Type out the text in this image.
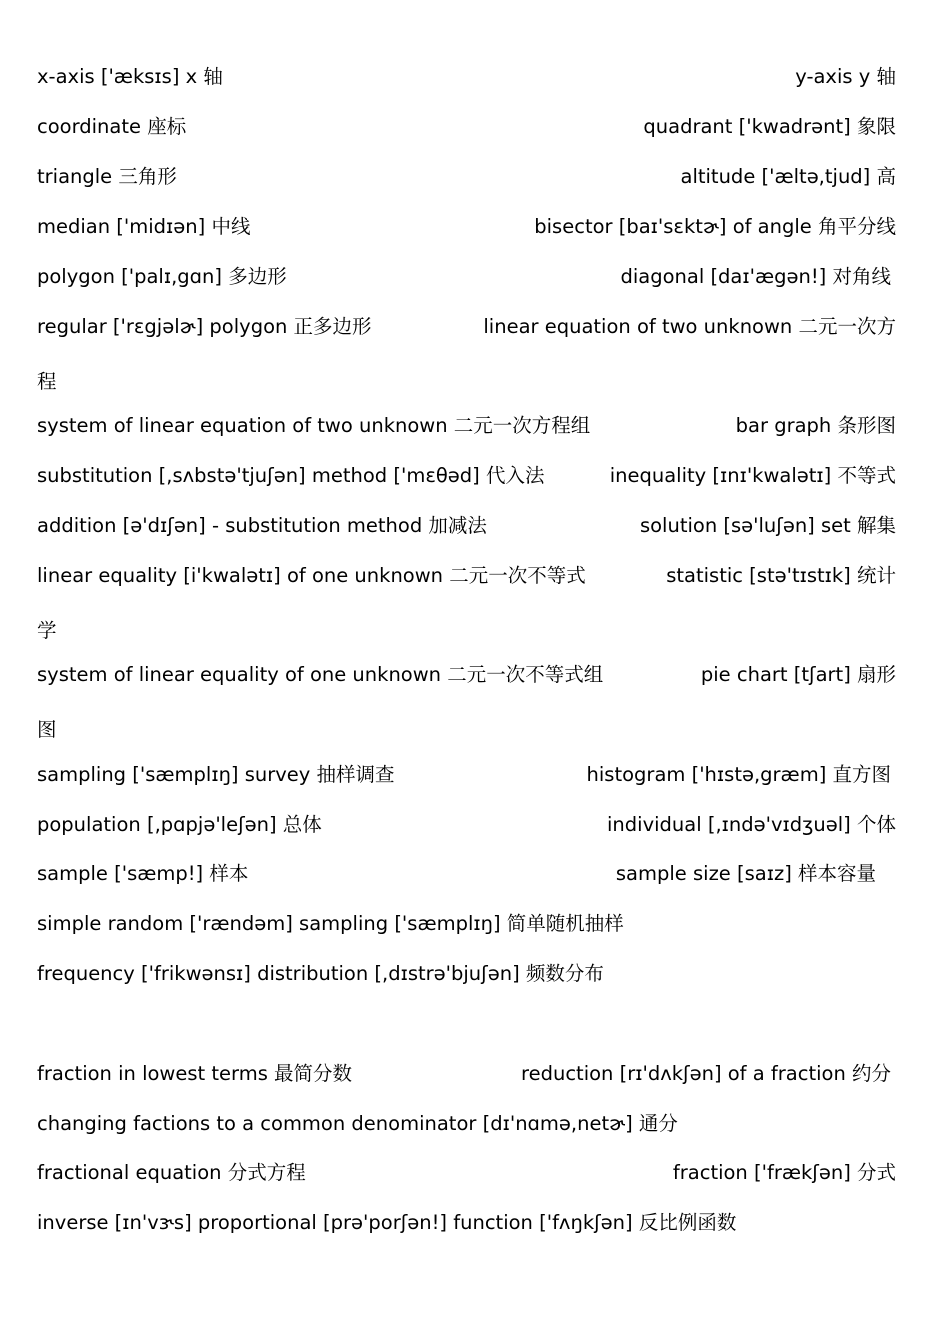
x-axis ['æksɪs] x 轴	y-axis y 轴
coordinate 座标	quadrant ['kwadrənt] 象限
triangle 三角形	altitude ['æltə,tjud] 高
median ['midɪən] 中线	bisector [baɪ'sɛktɚ] of angle 角平分线
polygon ['palɪ,gɑn] 多边形	diagonal [daɪ'ægən!] 对角线
regular ['rɛgjəlɚ] polygon 正多边形	linear equation of two unknown 二元一次方
程
system of linear equation of two unknown 二元一次方程组	bar graph 条形图
substitution [,sʌbstə'tjuʃən] method ['mɛθəd] 代入法	inequality [ɪnɪ'kwalətɪ] 不等式
addition [ə'dɪʃən] - substitution method 加减法	solution [sə'luʃən] set 解集
linear equality [i'kwalətɪ] of one unknown 二元一次不等式	statistic [stə'tɪstɪk] 统计
学
system of linear equality of one unknown 二元一次不等式组	pie chart [tʃart] 扇形
图
sampling ['sæmplɪŋ] survey 抽样调查	histogram ['hɪstə,græm] 直方图
population [,pɑpjə'leʃən] 总体	individual [,ɪndə'vɪdʒuəl] 个体
sample ['sæmp!] 样本	sample size [saɪz] 样本容量
simple random ['rændəm] sampling ['sæmplɪŋ] 简单随机抽样
frequency ['frikwənsɪ] distribution [,dɪstrə'bjuʃən] 频数分布
fraction in lowest terms 最简分数	reduction [rɪ'dʌkʃən] of a fraction 约分
changing factions to a common denominator [dɪ'nɑmə,netɚ] 通分
fractional equation 分式方程	fraction ['frækʃən] 分式
inverse [ɪn'vɝs] proportional [prə'porʃən!] function ['fʌŋkʃən] 反比例函数
